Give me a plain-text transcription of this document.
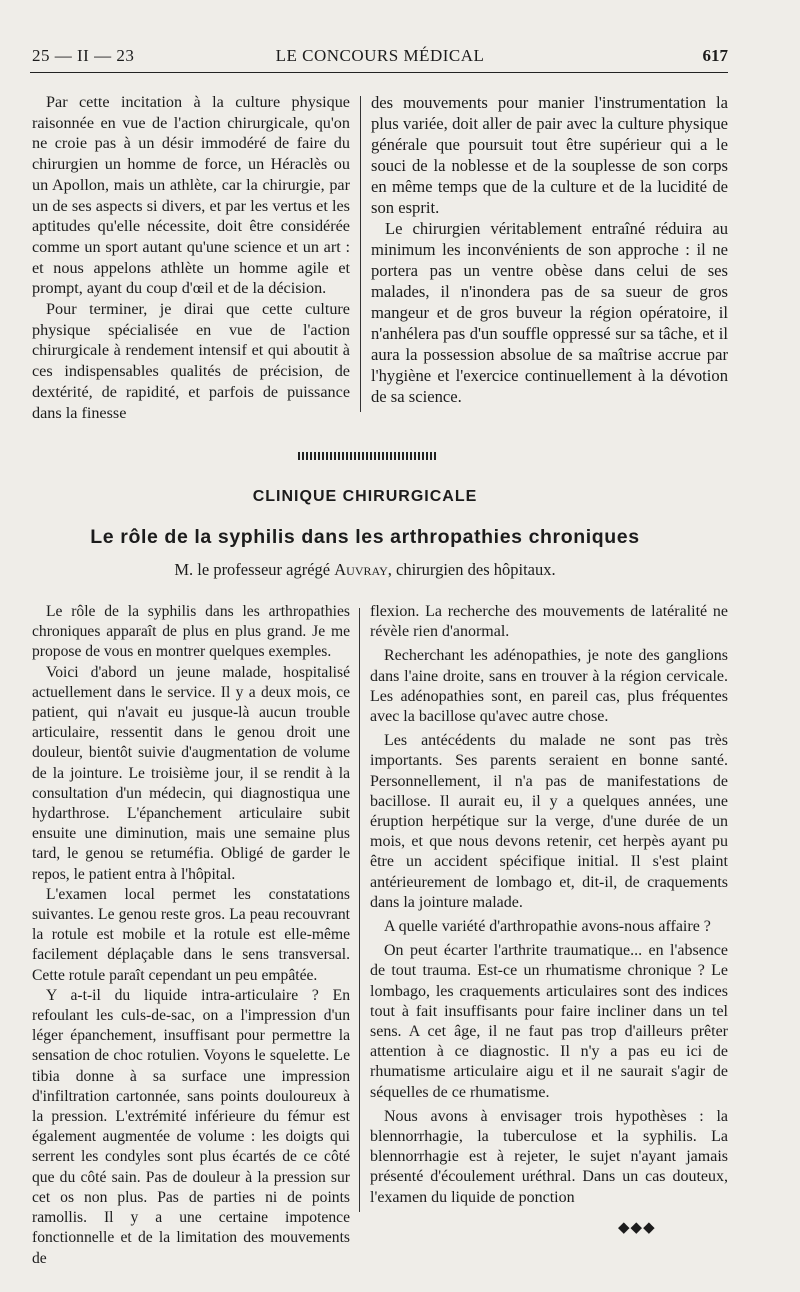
25 — II — 23	LE CONCOURS MÉDICAL	617

Par cette incitation à la culture physique raisonnée en vue de l'action chirurgicale, qu'on ne croie pas à un désir immodéré de faire du chirurgien un homme de force, un Héraclès ou un Apollon, mais un athlète, car la chirurgie, par un de ses aspects si divers, et par les vertus et les aptitudes qu'elle nécessite, doit être considérée comme un sport autant qu'une science et un art : et nous appelons athlète un homme agile et prompt, ayant du coup d'œil et de la décision.

Pour terminer, je dirai que cette culture physique spécialisée en vue de l'action chirurgicale à rendement intensif et qui aboutit à ces indispensables qualités de précision, de dextérité, de rapidité, et parfois de puissance dans la finesse

des mouvements pour manier l'instrumentation la plus variée, doit aller de pair avec la culture physique générale que poursuit tout être supérieur qui a le souci de la noblesse et de la souplesse de son corps en même temps que de la culture et de la lucidité de son esprit.

Le chirurgien véritablement entraîné réduira au minimum les inconvénients de son approche : il ne portera pas un ventre obèse dans celui de ses malades, il n'inondera pas de sa sueur de gros mangeur et de gros buveur la région opératoire, il n'anhélera pas d'un souffle oppressé sur sa tâche, et il aura la possession absolue de sa maîtrise accrue par l'hygiène et l'exercice continuellement à la dévotion de sa science.

CLINIQUE CHIRURGICALE
Le rôle de la syphilis dans les arthropathies chroniques
M. le professeur agrégé Auvray, chirurgien des hôpitaux.

Le rôle de la syphilis dans les arthropathies chroniques apparaît de plus en plus grand. Je me propose de vous en montrer quelques exemples.

Voici d'abord un jeune malade, hospitalisé actuellement dans le service. Il y a deux mois, ce patient, qui n'avait eu jusque-là aucun trouble articulaire, ressentit dans le genou droit une douleur, bientôt suivie d'augmentation de volume de la jointure. Le troisième jour, il se rendit à la consultation d'un médecin, qui diagnostiqua une hydarthrose. L'épanchement articulaire subit ensuite une diminution, mais une semaine plus tard, le genou se retuméfia. Obligé de garder le repos, le patient entra à l'hôpital.

L'examen local permet les constatations suivantes. Le genou reste gros. La peau recouvrant la rotule est mobile et la rotule est elle-même facilement déplaçable dans le sens transversal. Cette rotule paraît cependant un peu empâtée.

Y a-t-il du liquide intra-articulaire ? En refoulant les culs-de-sac, on a l'impression d'un léger épanchement, insuffisant pour permettre la sensation de choc rotulien. Voyons le squelette. Le tibia donne à sa surface une impression d'infiltration cartonnée, sans points douloureux à la pression. L'extrémité inférieure du fémur est également augmentée de volume : les doigts qui serrent les condyles sont plus écartés de ce côté que du côté sain. Pas de douleur à la pression sur cet os non plus. Pas de parties ni de points ramollis. Il y a une certaine impotence fonctionnelle et de la limitation des mouvements de

flexion. La recherche des mouvements de latéralité ne révèle rien d'anormal.

Recherchant les adénopathies, je note des ganglions dans l'aine droite, sans en trouver à la région cervicale. Les adénopathies sont, en pareil cas, plus fréquentes avec la bacillose qu'avec autre chose.

Les antécédents du malade ne sont pas très importants. Ses parents seraient en bonne santé. Personnellement, il n'a pas de manifestations de bacillose. Il aurait eu, il y a quelques années, une éruption herpétique sur la verge, d'une durée de un mois, et que nous devons retenir, cet herpès ayant pu être un accident spécifique initial. Il s'est plaint antérieurement de lombago et, dit-il, de craquements dans la jointure malade.

A quelle variété d'arthropathie avons-nous affaire ?

On peut écarter l'arthrite traumatique... en l'absence de tout trauma. Est-ce un rhumatisme chronique ? Le lombago, les craquements articulaires sont des indices tout à fait insuffisants pour faire incliner dans un tel sens. A cet âge, il ne faut pas trop d'ailleurs prêter attention à ce diagnostic. Il n'y a pas eu ici de rhumatisme articulaire aigu et il ne saurait s'agir de séquelles de ce rhumatisme.

Nous avons à envisager trois hypothèses : la blennorrhagie, la tuberculose et la syphilis. La blennorrhagie est à rejeter, le sujet n'ayant jamais présenté d'écoulement uréthral. Dans un cas douteux, l'examen du liquide de ponction

◆◆◆
